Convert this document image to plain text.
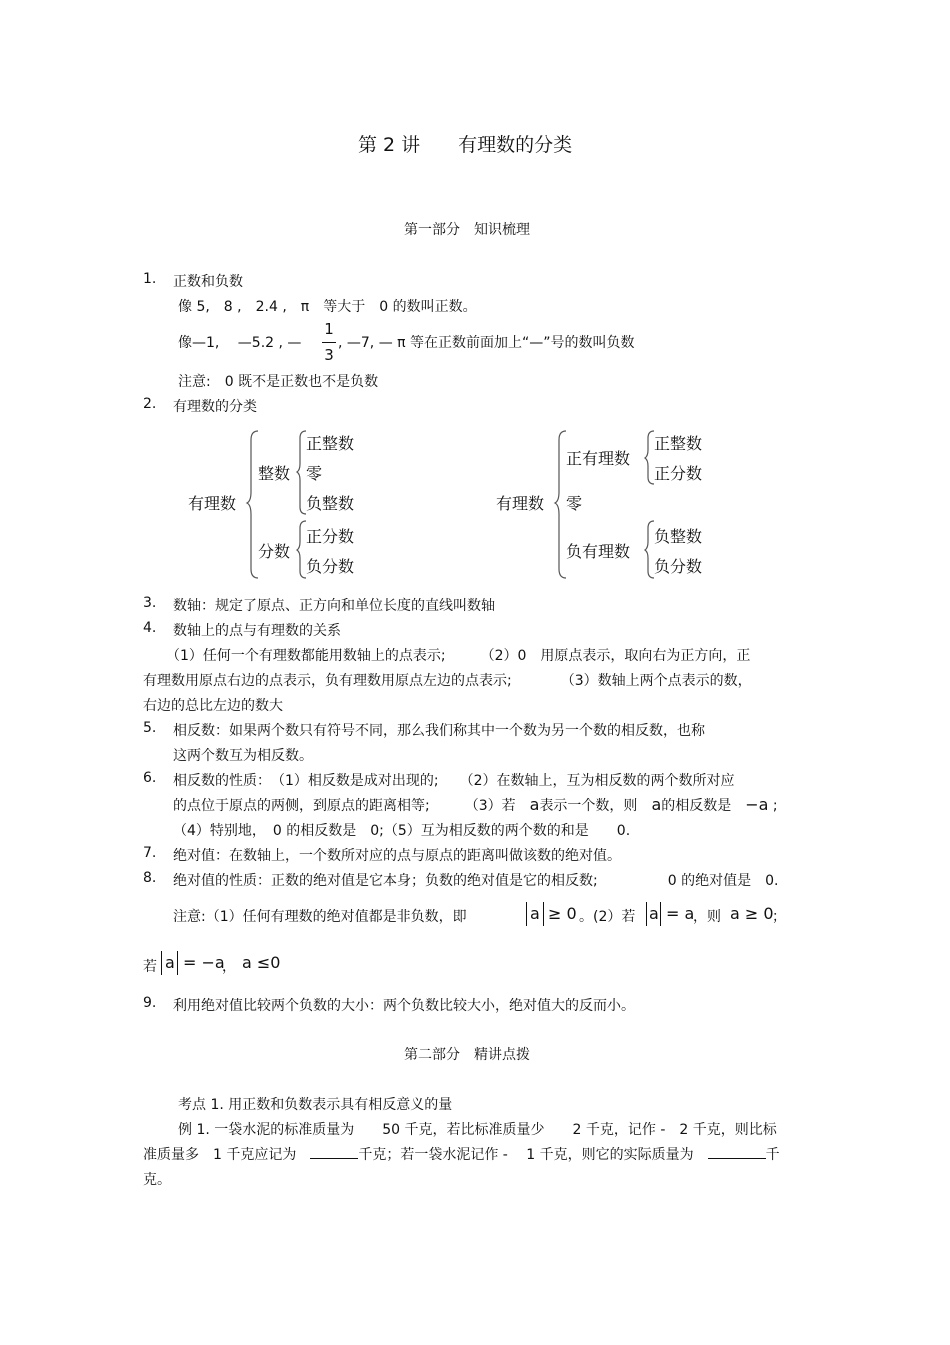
第 2 讲　　有理数的分类
第一部分　知识梳理
1. 正数和负数
像 5,　8 ,　2.4 ,　π　等大于　0 的数叫正数。
像—1,　 —5.2 , —
1
3
, —7, — π 等在正数前面加上“—”号的数叫负数
注意:　0 既不是正数也不是负数
2. 有理数的分类
有理数
整数
正整数
零
负整数
分数
正分数
负分数
有理数
正有理数
正整数
正分数
零
负有理数
负整数
负分数
3. 数轴：规定了原点、正方向和单位长度的直线叫数轴
4. 数轴上的点与有理数的关系
（1）任何一个有理数都能用数轴上的点表示;　　　（2）0　用原点表示，取向右为正方向，正
有理数用原点右边的点表示，负有理数用原点左边的点表示;　　　　（3）数轴上两个点表示的数，
右边的总比左边的数大
5. 相反数：如果两个数只有符号不同，那么我们称其中一个数为另一个数的相反数，也称
这两个数互为相反数。
6. 相反数的性质：　（1）相反数是成对出现的;　　（2）在数轴上，互为相反数的两个数所对应
的点位于原点的两侧，到原点的距离相等;　　　（3）若　a表示一个数，则　a的相反数是　−a ;
（4）特别地，　0 的相反数是　0;（5）互为相反数的两个数的和是　　0.
7. 绝对值：在数轴上，一个数所对应的点与原点的距离叫做该数的绝对值。
8. 绝对值的性质：正数的绝对值是它本身；负数的绝对值是它的相反数;　　　　　0 的绝对值是　0.
注意:（1）任何有理数的绝对值都是非负数，即	a ≥ 0 。(2）若 a = a
，则 a ≥ 0
；
若 a = −a
， a ≤0
9. 利用绝对值比较两个负数的大小：两个负数比较大小，绝对值大的反而小。
第二部分　精讲点拨
考点 1. 用正数和负数表示具有相反意义的量
例 1. 一袋水泥的标准质量为　　50 千克，若比标准质量少　　2 千克，记作 -　2 千克，则比标
准质量多　1 千克应记为　	千克；若一袋水泥记作 -　 1 千克，则它的实际质量为　	千
克。
